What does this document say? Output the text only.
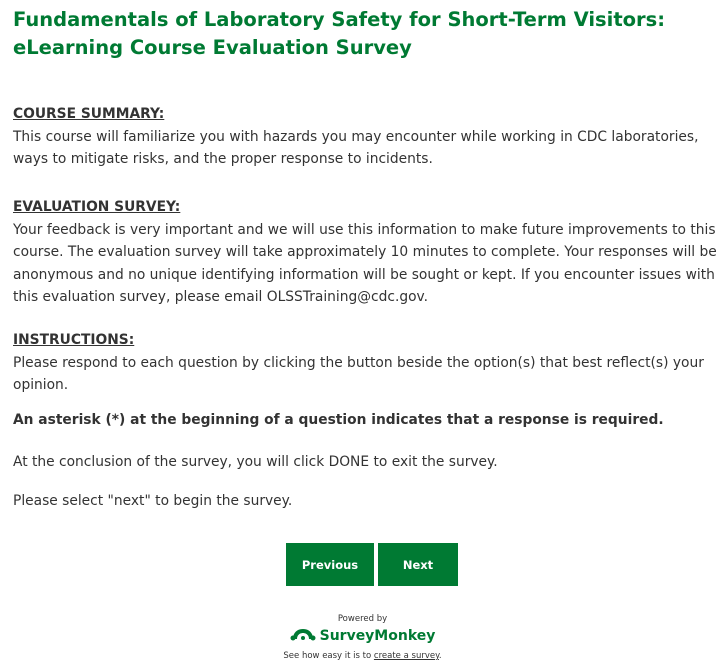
Fundamentals of Laboratory Safety for Short-Term Visitors: eLearning Course Evaluation Survey
COURSE SUMMARY:

This course will familiarize you with hazards you may encounter while working in CDC laboratories, ways to mitigate risks, and the proper response to incidents.

EVALUATION SURVEY:

Your feedback is very important and we will use this information to make future improvements to this course. The evaluation survey will take approximately 10 minutes to complete. Your responses will be anonymous and no unique identifying information will be sought or kept. If you encounter issues with this evaluation survey, please email OLSSTraining@cdc.gov.

INSTRUCTIONS:

Please respond to each question by clicking the button beside the option(s) that best reflect(s) your opinion.

An asterisk (*) at the beginning of a question indicates that a response is required.
At the conclusion of the survey, you will click DONE to exit the survey.
Please select "next" to begin the survey.
Previous	Next
Powered by
SurveyMonkey
See how easy it is to create a survey.
